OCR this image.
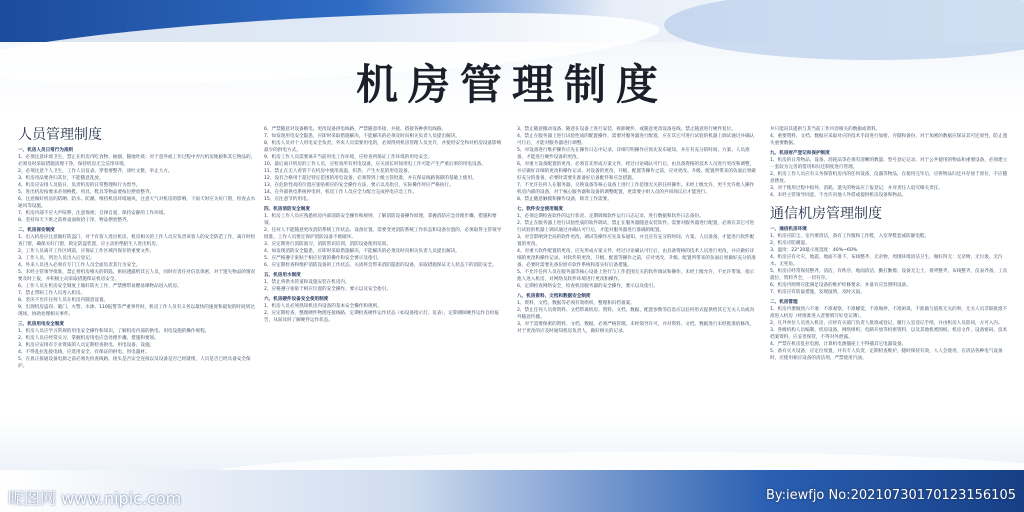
机房管理制度

人员管理制度

一、机房人员日常行为准则

1、必须注意环境卫生，禁止在机房内吃食物、抽烟、随地吐痰；对于意外或工作过程中弄污机房地板和其它物品的，必须及时采取措施清理干净，保持机房无尘洁净环境。

2、必须注意个人卫生，工作人员仪表、穿着要整齐，谈吐文雅，举止大方。

3、机房用品要各归其位，不能随意乱放。

4、机房应安排人员值日，负责机房的日常整理和行为督导。

5、进出机房按要求必须换鞋、用具，鞋具等物品要按位摆放整齐。

6、注意做好机房的防晒、防水、防潮、维持机房环境通风，注意天气对机房的影响，下雨天时应关好门窗，检查去水通风等设施。

7、机房内部不应大声喧哗，注意保密；自律自爱，保持安静的工作环境。

8、坚持每天下班之前将桌面收拾干净，物品摆放整齐。

二、机房保安制度

1、出入机房应注意做好防盗门，对于有客人进出机房，机房相关的工作人员应负责该客人的安全防范工作，离开时检查门窗，确保关好门窗，锁定防盗装置，应主动拒绝陌生人进出机房。

2、工作人员离开工作区域前，应保证工作区域内保存的重要文件。

3、工作人员，到达人员出入后登记。

4、外来人员进入必须有专门工作人员全面负责其行为安全。

5、未经主管领导批准，禁止将机房相关的钥匙、密码透露给其它人员，同时有责任对信息保密，对于遗失物品的情况要及时上报，并积极主动采取措施保证机房安全。

6、工作人员在机房安全制度上做好防火工作，严禁携带易燃易爆物品进入机房。

7、禁止带病工作人员进入机房。

8、坚决不允许任何人员在机房内随意设置。

9、出现机房盗窃、破门、火警、水渗、110报警等严重事件时，机房工作人员有义务以最快的速度和最短的时间到达现场，协助处理相关事件。

三、机房用电安全制度

1、机房人员应学习常规的用电安全操作和知识，了解机房内部的供电、用电设施的操作规程。

2、机房人员应经常实习，掌握机房用电应急处理步骤、措施和要领。

3、机房应安排有专业资质的人员定期检查供电、用电设备、设施。

4、不得乱拉乱接电线，应选用安全、有保证的供电、用电器材。

5、在真正接通设备电源之前必须先检查线路、接头是否安全连接以及设备是否已经就绪，人员是否已经具备安全保护。

6、严禁随意对设备断电、更改设备供电线路，严禁随意串接、并接、搭接各种供电线路。

7、如发现用电安全隐患，应即时采取措施解决，不能解决的必须及时向相关负责人员提出解决。

8、机房人员对个人用电安全负责，外来人员需要用电的，必须得到机房管理人员允许，并使用安全和对机房设备影响最少的供电方式。

9、机房工作人员需要离开当前用电工作环境，应检查所保证工作环境的用电安全。

10、最后离开机房的工作人员，应检查所有用电设备，应关闭长时间用电工作可能产生严重后果的用电设备。

11、禁止在无人看管下在机房中使用高温、炽热、产生火花的用电设备。

12、没有合格用于超过特定范围的用电设备，必须得到上级主管批准，并在保证线路保障的基础上使用。

13、在危险性高的位置应张贴相应的安全操作方法，要示以及指引，实际操作时应严格执行。

14、在外部供电系统停电时，机房工作人员应全力配合完成停电应急工作。

15、应注意节约用电。

四、机房消防安全制度

1、机房工作人员应熟悉机房内部消防安全操作和规则，了解消防设备操作原理，掌握消防应急处理步骤、措施和要领。

2、任何人不能随意更改消防系统工作状态、设备位置。需要变更消防系统工作状态和设备位置的，必须取得主管领导批准。工作人员要定保护消防设备不被破坏。

3、应定期进行消防演习，消防常识培训，消防设备使用培训。

4、如发现消防安全隐患，应即时采取措施解决，不能解决的必须及时向相关负责人员提出解决。

5、应严格遵守张贴于相应位置的操作和安全要示及指引。

6、应定期检查和维护消防设备的工作状态，关闭将会带来消防隐患的设备，采取措施保证无人状态下的消防安全。

五、机房用水制度

1、禁止将供水管道和设施安装在机房内。

2、应格遵守张贴于相应位置的安全操作、要示以及安全指引。

六、机房硬件设备安全使用制度

1、机房人员必须熟知机房内设备的基本安全操作和规则。

2、应定期检查、整理硬件物理连接线路，定期检查硬件运作状态（如设备指示灯、仪表），定期调阅硬件运作自检报告，从而及时了解硬件运作状态。

3、禁止随意搬动设备、随意在设备上进行安装、拆卸硬件，或随意更改设备连线、禁止随意进行硬件复位。

4、禁止在服务器上进行试验性质的配置操作，需要对服务器进行配置，应在其它可进行试验的机器上调试通过并确认可行后，才能对服务器进行调整。

5、对设备进行维护操作应先在操作日志中记录，详细写明操作应预先发布通知，并应有充分的时间、方案、人员准备，才能进行硬件设备的更改。

6、对重大设备配置的更改，必须首先形成方案文件，经过讨论确认可行后，由具备资格的技术人员进行更改和调整，并应做好详细的更改和操作记录。对设备的更改、升级、配置等操作之前，应对更改、升级、配置所带来的负面后果做好充分的准备，必要时需要先准备好后备配件和应急措施。

7、不允许任何人在服务器、交换设备等核心设备上进行工作范围无关的任何操作。未经上级允许，更不允许他人操作机房内部的设备，对于核心服务器和设备的调整配置，更需要小组人员的共同商议后才能进行。

8、禁止随意触摸和操作设备，除非工作需要。

七、软件安全使用制度

1、必须定期检查软件的运行状况、定期调阅软件运行日志记录，进行数据和软件日志备份。

2、禁止在服务器上进行试验性质的软件调试，禁止在服务器随意安装软件。需要对服务器进行配置，必须在其它可进行试验的机器上调试通过并确认可行后，才能对服务器进行准确的配置。

3、对会影响到全局的软件更改，调试等操作应先发布通知，并且应有充分的时间、方案、人员准备，才能进行软件配置的更改。

4、对重大软件配置的更改，应先形成方案文件，经过讨论确认可行后，由具备资格的技术人员进行更改，并应做好详细的更改和操作记录。对软件的更改、升级、配置等操作之前，应对更改、升级、配置所带来的负面后果做好充分的准备，必要时需要先备份原有软件系统和落实好后备措施。

5、不允许任何人员在服务器等核心设备上进行与工作范围无关的软件调试和操作。未经上级允许，不允许带领、指示他人进入机房，对网络及软件环境进行更改和操作。

6、定期检查网络安全，检查机房服务器的安全操作，要示以及指引。

八、机房资料、文档和数据安全制度

1、资料、文档、数据等必须有效组织，整理和归档备案。

2、禁止任何人员将资料、文档带离机房。资料、文档、数据、配置参数等信息应以任何形式提供给其它无关人员或向外随意传播。

3、对于需要保密的资料、文档、数据，必须严格管理。未经领导许可，并对资料、文档、数据进行未经批准的修改，对于更改的应及时通知机房负责人，做好相关的记录。

并只能向其提供与其当前工作内容相关的数据或资料。

4、重要资料、文档、数据应采取对应的技术手段进行加密、存储和备份，对于加密的数据应保证其可还原性，防止遗失重要数据。

九、机房财产登记和保护制度

1、机房的日常物品、设备、消耗品等必须有清晰的数量、型号登记记录，对于公共使用的物品和重要设备，必须建立一套较为完善的借用和归还制度进行管理。

2、机房工作人员应有义务保管机房内的任何设备，仪器等物品，在使用完毕后，应将物品归还并存放于原位，不应随意摆放。

3、对于使用过程中损坏，消耗、遗失的物品应上报登记，并对责任人追究相关责任。

4、未经主管领导同意，不允许向他人外借或提供机房设备和物品。

通信机房管理制度

一、通信机房环境

1、机房应防尘，室内要清洁，备有工作服和工作鞋，入室穿鞋套或防静电鞋。

2、机房应防潮湿。

3、温度：22°20最示度湿度：40%~60%

4、机房应有火灾、地震、地面不准下，布线整齐，无杂物，周围环境清洁卫生，做好四无：无杂物、无垃圾、无污水、无死角。

5、机房应经常保持整齐，清洁，有秩序，地面清洁，勤打勤擦，设备无尘土，排列整齐，布线整齐，仪表齐备，工具就位，资料齐全，一切有序。

6、机房内照明应能满足设备的维护检修要求，并备有应急照明设备。

7、机房应有防鼠措施，发现鼠情，及时灭鼠。

二、机房管理

1、机房内要做到六不准：不准观察，不准睡觉，不准喝停，不准闲谈，不准做与值班无关的事，无关人员非联批准不准进入机房（经批准进入者要填写好登记簿）。

2、凡外单位人员进入机房，应经有关部门负责人批准或登记，履行入室登记手续，并由机房人员陪同，方可入内。

3、各级机构人员编制，机房设备，网络组织，电路开放等机密资料，以及其他机密图纸，机房文件，设备密码，技术档案资料，应妥善保管，不得对外泄露。

4、严禁在机房乱拉电源，计算机电源插座上不得插其它电器设备。

5、备有灭火设备，应定位放置，并有专人负责，定期检查维护，随时保持有效，人人会使用，在清洁各种电气设备时，应使用相应设备的清洁剂，严禁使用汽油。

昵图网 www.nipic.com	By:iewfjo No:20210730170123156105
